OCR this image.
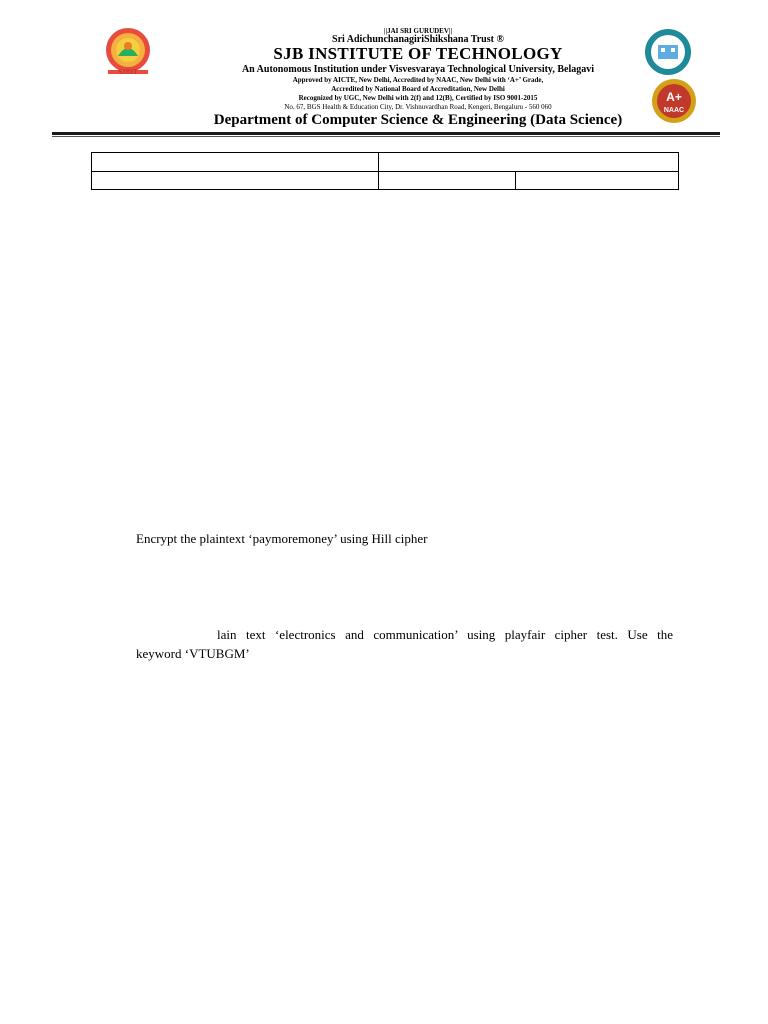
SJBIT
||JAI SRI GURUDEV||
Sri AdichunchanagiriShikshana Trust ®
SJB INSTITUTE OF TECHNOLOGY
An Autonomous Institution under Visvesvaraya Technological University, Belagavi
Approved by AICTE, New Delhi, Accredited by NAAC, New Delhi with ‘A+’ Grade,
Accredited by National Board of Accreditation, New Delhi
Recognized by UGC, New Delhi with 2(f) and 12(B), Certified by ISO 9001-2015
No. 67, BGS Health & Education City, Dr. Vishnuvardhan Road, Kengeri, Bengaluru - 560 060
Department of Computer Science & Engineering (Data Science)
A+
NAAC
Encrypt the plaintext ‘paymoremoney’ using Hill cipher
lain text ‘electronics and communication’ using playfair cipher test. Use the
keyword ‘VTUBGM’
